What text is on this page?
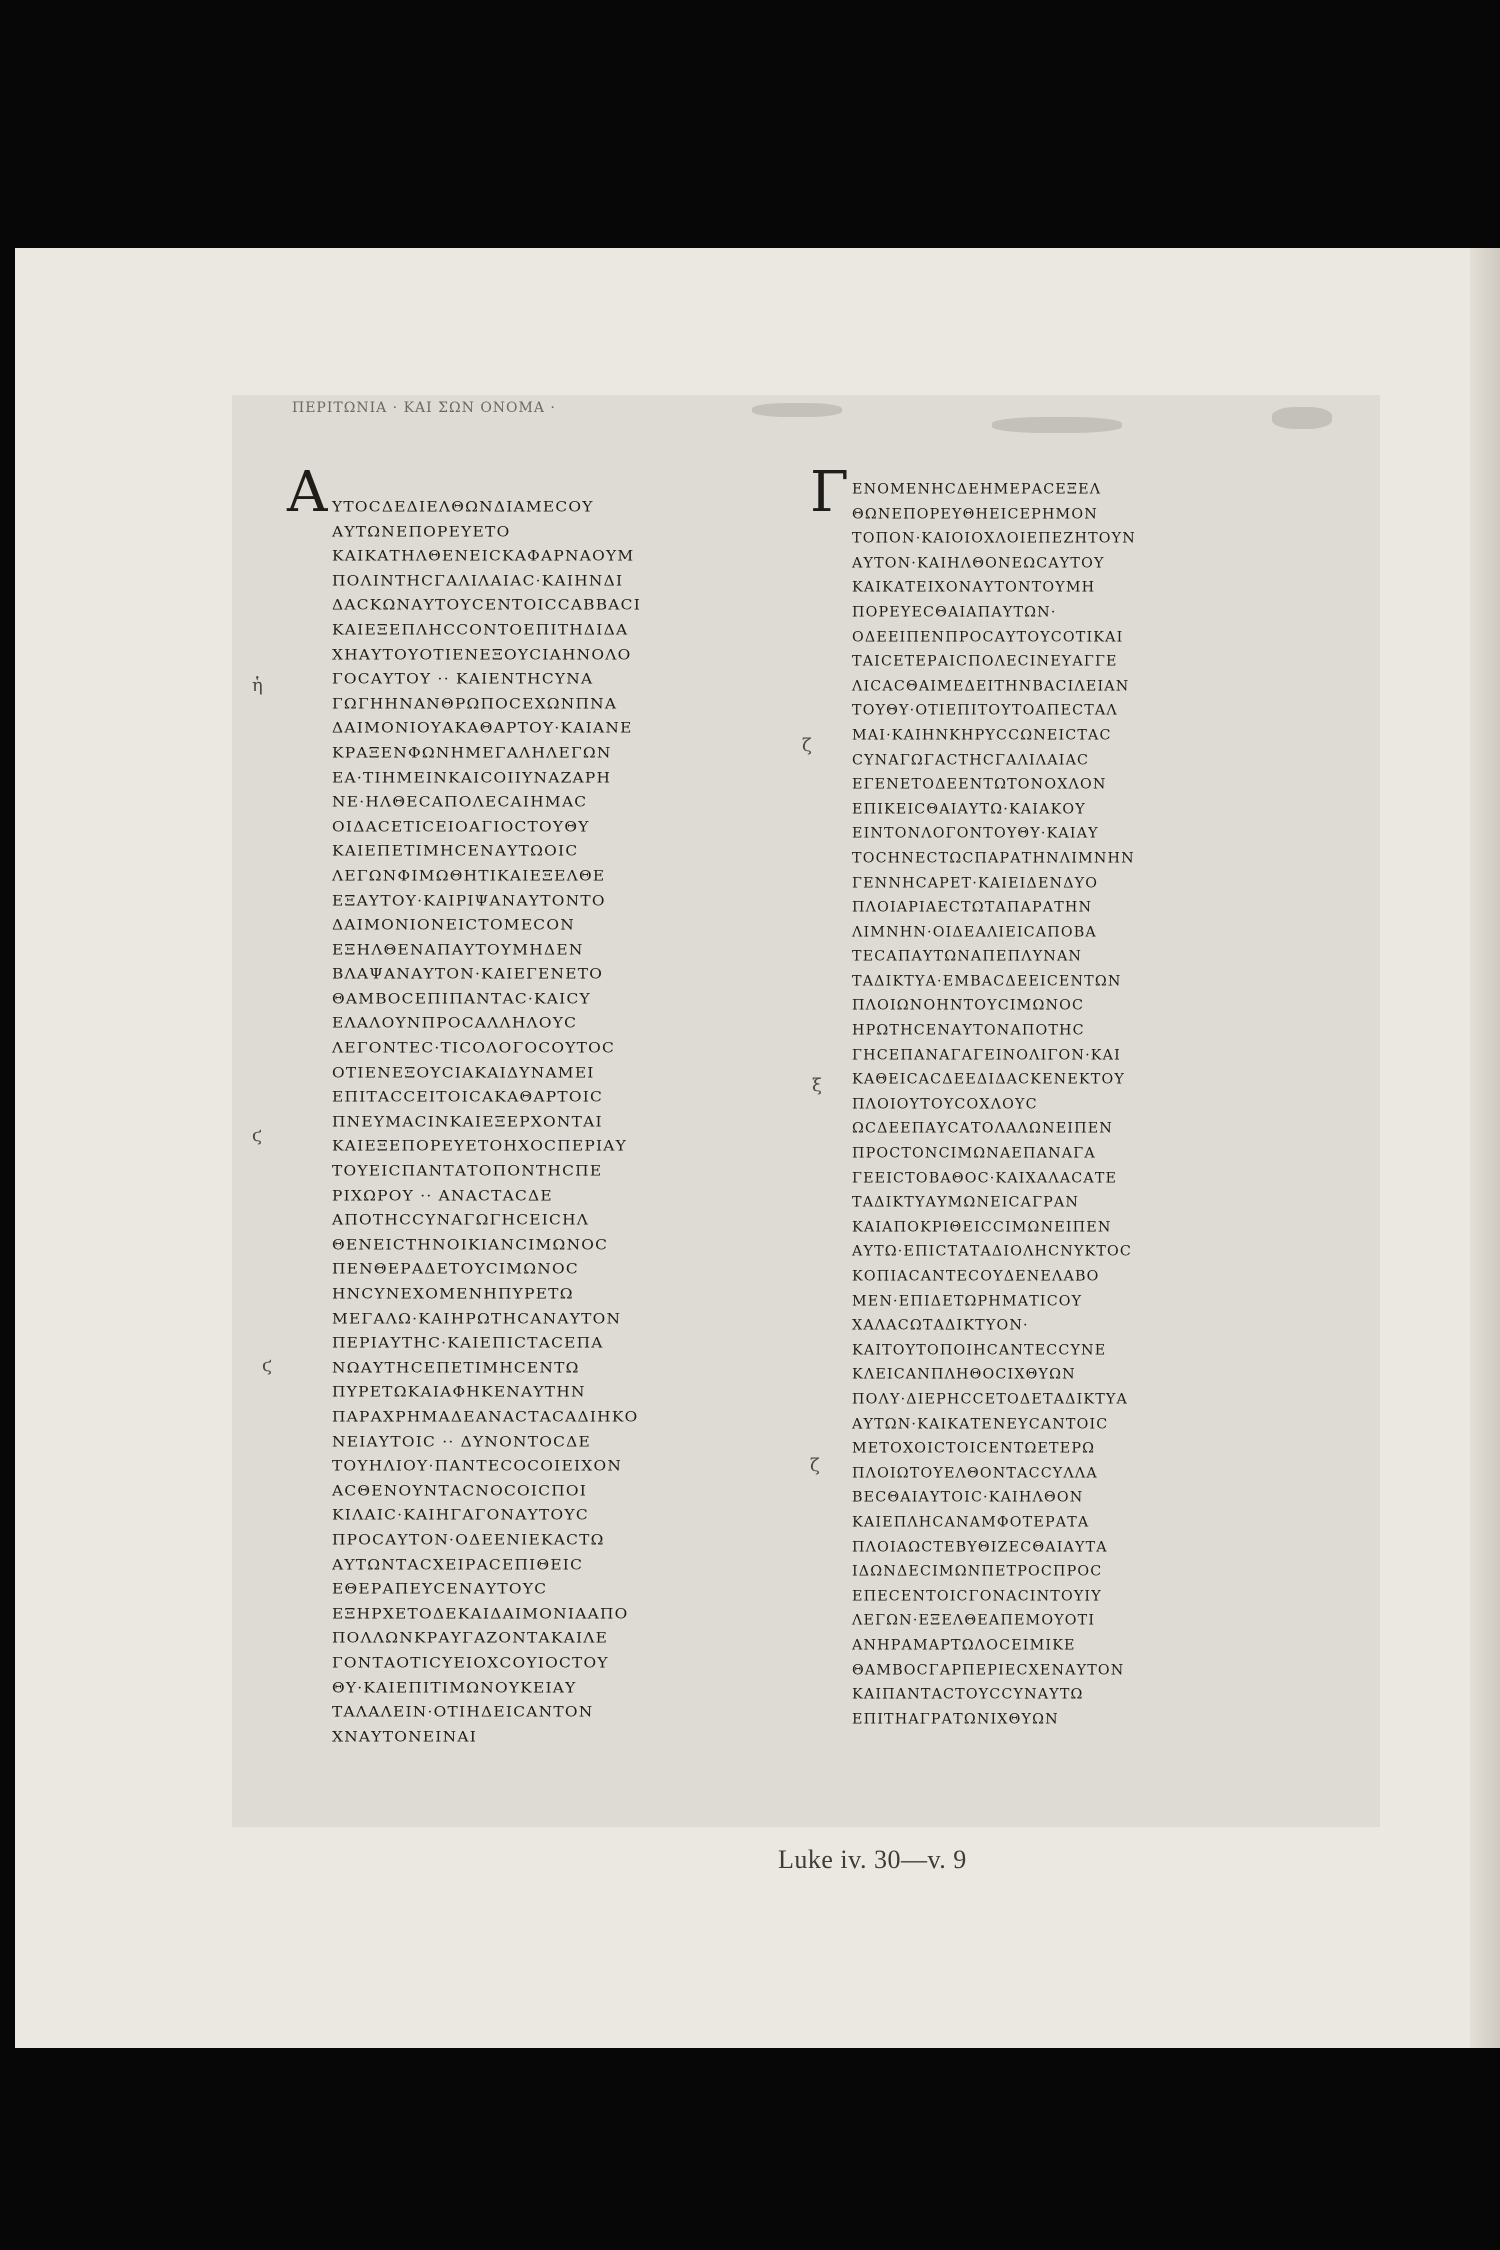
ΠΕΡΙΤΩΝΙΑ · ΚΑΙ ΣΩΝ ΟΝΟΜΑ ·
Α	Γ
ἡ
ϛ
ϛ
ζ
ξ
ζ
ΥΤΟCΔΕΔΙΕΛΘΩΝΔΙΑΜΕCΟΥ
ΑΥΤΩΝΕΠΟΡΕΥΕΤΟ
ΚΑΙΚΑΤΗΛΘΕΝΕΙCΚΑΦΑΡΝΑΟΥΜ
ΠΟΛΙΝΤΗCΓΑΛΙΛΑΙΑC·ΚΑΙΗΝΔΙ
ΔΑCΚΩΝΑΥΤΟΥCΕΝΤΟΙCCΑΒΒΑCΙ
ΚΑΙΕΞΕΠΛΗCCΟΝΤΟΕΠΙΤΗΔΙΔΑ
ΧΗΑΥΤΟΥΟΤΙΕΝΕΞΟΥCΙΑΗΝΟΛΟ
ΓΟCΑΥΤΟΥ ·· ΚΑΙΕΝΤΗCΥΝΑ
ΓΩΓΗΗΝΑΝΘΡΩΠΟCΕΧΩΝΠΝΑ
ΔΑΙΜΟΝΙΟΥΑΚΑΘΑΡΤΟΥ·ΚΑΙΑΝΕ
ΚΡΑΞΕΝΦΩΝΗΜΕΓΑΛΗΛΕΓΩΝ
ΕΑ·ΤΙΗΜΕΙΝΚΑΙCΟΙΙΥΝΑΖΑΡΗ
ΝΕ·ΗΛΘΕCΑΠΟΛΕCΑΙΗΜΑC
ΟΙΔΑCΕΤΙCΕΙΟΑΓΙΟCΤΟΥΘΥ
ΚΑΙΕΠΕΤΙΜΗCΕΝΑΥΤΩΟΙC
ΛΕΓΩΝΦΙΜΩΘΗΤΙΚΑΙΕΞΕΛΘΕ
ΕΞΑΥΤΟΥ·ΚΑΙΡΙΨΑΝΑΥΤΟΝΤΟ
ΔΑΙΜΟΝΙΟΝΕΙCΤΟΜΕCΟΝ
ΕΞΗΛΘΕΝΑΠΑΥΤΟΥΜΗΔΕΝ
ΒΛΑΨΑΝΑΥΤΟΝ·ΚΑΙΕΓΕΝΕΤΟ
ΘΑΜΒΟCΕΠΙΠΑΝΤΑC·ΚΑΙCΥ
ΕΛΑΛΟΥΝΠΡΟCΑΛΛΗΛΟΥC
ΛΕΓΟΝΤΕC·ΤΙCΟΛΟΓΟCΟΥΤΟC
ΟΤΙΕΝΕΞΟΥCΙΑΚΑΙΔΥΝΑΜΕΙ
ΕΠΙΤΑCCΕΙΤΟΙCΑΚΑΘΑΡΤΟΙC
ΠΝΕΥΜΑCΙΝΚΑΙΕΞΕΡΧΟΝΤΑΙ
ΚΑΙΕΞΕΠΟΡΕΥΕΤΟΗΧΟCΠΕΡΙΑΥ
ΤΟΥΕΙCΠΑΝΤΑΤΟΠΟΝΤΗCΠΕ
ΡΙΧΩΡΟΥ ·· ΑΝΑCΤΑCΔΕ
ΑΠΟΤΗCCΥΝΑΓΩΓΗCΕΙCΗΛ
ΘΕΝΕΙCΤΗΝΟΙΚΙΑΝCΙΜΩΝΟC
ΠΕΝΘΕΡΑΔΕΤΟΥCΙΜΩΝΟC
ΗΝCΥΝΕΧΟΜΕΝΗΠΥΡΕΤΩ
ΜΕΓΑΛΩ·ΚΑΙΗΡΩΤΗCΑΝΑΥΤΟΝ
ΠΕΡΙΑΥΤΗC·ΚΑΙΕΠΙCΤΑCΕΠΑ
ΝΩΑΥΤΗCΕΠΕΤΙΜΗCΕΝΤΩ
ΠΥΡΕΤΩΚΑΙΑΦΗΚΕΝΑΥΤΗΝ
ΠΑΡΑΧΡΗΜΑΔΕΑΝΑCΤΑCΑΔΙΗΚΟ
ΝΕΙΑΥΤΟΙC ·· ΔΥΝΟΝΤΟCΔΕ
ΤΟΥΗΛΙΟΥ·ΠΑΝΤΕCΟCΟΙΕΙΧΟΝ
ΑCΘΕΝΟΥΝΤΑCΝΟCΟΙCΠΟΙ
ΚΙΛΑΙC·ΚΑΙΗΓΑΓΟΝΑΥΤΟΥC
ΠΡΟCΑΥΤΟΝ·ΟΔΕΕΝΙΕΚΑCΤΩ
ΑΥΤΩΝΤΑCΧΕΙΡΑCΕΠΙΘΕΙC
ΕΘΕΡΑΠΕΥCΕΝΑΥΤΟΥC
ΕΞΗΡΧΕΤΟΔΕΚΑΙΔΑΙΜΟΝΙΑΑΠΟ
ΠΟΛΛΩΝΚΡΑΥΓΑΖΟΝΤΑΚΑΙΛΕ
ΓΟΝΤΑΟΤΙCΥΕΙΟΧCΟΥΙΟCΤΟΥ
ΘΥ·ΚΑΙΕΠΙΤΙΜΩΝΟΥΚΕΙΑΥ
ΤΑΛΑΛΕΙΝ·ΟΤΙΗΔΕΙCΑΝΤΟΝ
ΧΝΑΥΤΟΝΕΙΝΑΙ
ΕΝΟΜΕΝΗCΔΕΗΜΕΡΑCΕΞΕΛ
ΘΩΝΕΠΟΡΕΥΘΗΕΙCΕΡΗΜΟΝ
ΤΟΠΟΝ·ΚΑΙΟΙΟΧΛΟΙΕΠΕΖΗΤΟΥΝ
ΑΥΤΟΝ·ΚΑΙΗΛΘΟΝΕΩCΑΥΤΟΥ
ΚΑΙΚΑΤΕΙΧΟΝΑΥΤΟΝΤΟΥΜΗ
ΠΟΡΕΥΕCΘΑΙΑΠΑΥΤΩΝ·
ΟΔΕΕΙΠΕΝΠΡΟCΑΥΤΟΥCΟΤΙΚΑΙ
ΤΑΙCΕΤΕΡΑΙCΠΟΛΕCΙΝΕΥΑΓΓΕ
ΛΙCΑCΘΑΙΜΕΔΕΙΤΗΝΒΑCΙΛΕΙΑΝ
ΤΟΥΘΥ·ΟΤΙΕΠΙΤΟΥΤΟΑΠΕCΤΑΛ
ΜΑΙ·ΚΑΙΗΝΚΗΡΥCCΩΝΕΙCΤΑC
CΥΝΑΓΩΓΑCΤΗCΓΑΛΙΛΑΙΑC
ΕΓΕΝΕΤΟΔΕΕΝΤΩΤΟΝΟΧΛΟΝ
ΕΠΙΚΕΙCΘΑΙΑΥΤΩ·ΚΑΙΑΚΟΥ
ΕΙΝΤΟΝΛΟΓΟΝΤΟΥΘΥ·ΚΑΙΑΥ
ΤΟCΗΝΕCΤΩCΠΑΡΑΤΗΝΛΙΜΝΗΝ
ΓΕΝΝΗCΑΡΕΤ·ΚΑΙΕΙΔΕΝΔΥΟ
ΠΛΟΙΑΡΙΑΕCΤΩΤΑΠΑΡΑΤΗΝ
ΛΙΜΝΗΝ·ΟΙΔΕΑΛΙΕΙCΑΠΟΒΑ
ΤΕCΑΠΑΥΤΩΝΑΠΕΠΛΥΝΑΝ
ΤΑΔΙΚΤΥΑ·ΕΜΒΑCΔΕΕΙCΕΝΤΩΝ
ΠΛΟΙΩΝΟΗΝΤΟΥCΙΜΩΝΟC
ΗΡΩΤΗCΕΝΑΥΤΟΝΑΠΟΤΗC
ΓΗCΕΠΑΝΑΓΑΓΕΙΝΟΛΙΓΟΝ·ΚΑΙ
ΚΑΘΕΙCΑCΔΕΕΔΙΔΑCΚΕΝΕΚΤΟΥ
ΠΛΟΙΟΥΤΟΥCΟΧΛΟΥC
ΩCΔΕΕΠΑΥCΑΤΟΛΑΛΩΝΕΙΠΕΝ
ΠΡΟCΤΟΝCΙΜΩΝΑΕΠΑΝΑΓΑ
ΓΕΕΙCΤΟΒΑΘΟC·ΚΑΙΧΑΛΑCΑΤΕ
ΤΑΔΙΚΤΥΑΥΜΩΝΕΙCΑΓΡΑΝ
ΚΑΙΑΠΟΚΡΙΘΕΙCCΙΜΩΝΕΙΠΕΝ
ΑΥΤΩ·ΕΠΙCΤΑΤΑΔΙΟΛΗCΝΥΚΤΟC
ΚΟΠΙΑCΑΝΤΕCΟΥΔΕΝΕΛΑΒΟ
ΜΕΝ·ΕΠΙΔΕΤΩΡΗΜΑΤΙCΟΥ
ΧΑΛΑCΩΤΑΔΙΚΤΥΟΝ·
ΚΑΙΤΟΥΤΟΠΟΙΗCΑΝΤΕCCΥΝΕ
ΚΛΕΙCΑΝΠΛΗΘΟCΙΧΘΥΩΝ
ΠΟΛΥ·ΔΙΕΡΗCCΕΤΟΔΕΤΑΔΙΚΤΥΑ
ΑΥΤΩΝ·ΚΑΙΚΑΤΕΝΕΥCΑΝΤΟΙC
ΜΕΤΟΧΟΙCΤΟΙCΕΝΤΩΕΤΕΡΩ
ΠΛΟΙΩΤΟΥΕΛΘΟΝΤΑCCΥΛΛΑ
ΒΕCΘΑΙΑΥΤΟΙC·ΚΑΙΗΛΘΟΝ
ΚΑΙΕΠΛΗCΑΝΑΜΦΟΤΕΡΑΤΑ
ΠΛΟΙΑΩCΤΕΒΥΘΙΖΕCΘΑΙΑΥΤΑ
ΙΔΩΝΔΕCΙΜΩΝΠΕΤΡΟCΠΡΟC
ΕΠΕCΕΝΤΟΙCΓΟΝΑCΙΝΤΟΥΙΥ
ΛΕΓΩΝ·ΕΞΕΛΘΕΑΠΕΜΟΥΟΤΙ
ΑΝΗΡΑΜΑΡΤΩΛΟCΕΙΜΙΚΕ
ΘΑΜΒΟCΓΑΡΠΕΡΙΕCΧΕΝΑΥΤΟΝ
ΚΑΙΠΑΝΤΑCΤΟΥCCΥΝΑΥΤΩ
ΕΠΙΤΗΑΓΡΑΤΩΝΙΧΘΥΩΝ
Luke iv. 30—v. 9
